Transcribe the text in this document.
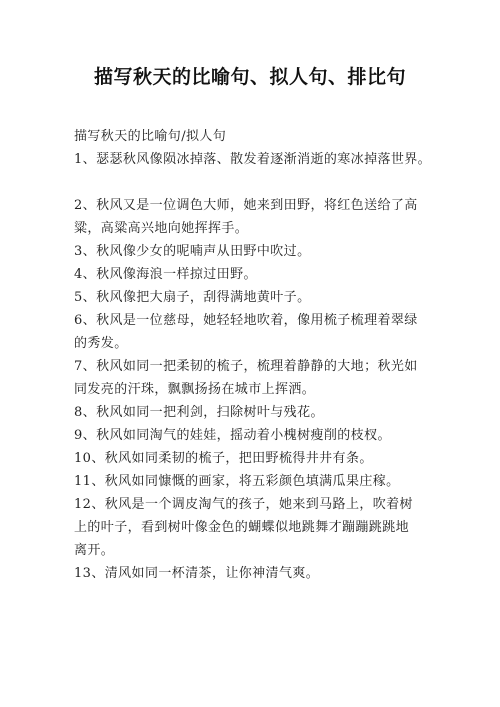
描写秋天的比喻句、拟人句、排比句

描写秋天的比喻句/拟人句

1、瑟瑟秋风像陨冰掉落、散发着逐渐消逝的寒冰掉落世界。

2、秋风又是一位调色大师，她来到田野，将红色送给了高

粱，高粱高兴地向她挥挥手。

3、秋风像少女的呢喃声从田野中吹过。

4、秋风像海浪一样掠过田野。

5、秋风像把大扇子，刮得满地黄叶子。

6、秋风是一位慈母，她轻轻地吹着，像用梳子梳理着翠绿

的秀发。

7、秋风如同一把柔韧的梳子，梳理着静静的大地；秋光如

同发亮的汗珠，飘飘扬扬在城市上挥洒。

8、秋风如同一把利剑，扫除树叶与残花。

9、秋风如同淘气的娃娃，摇动着小槐树瘦削的枝杈。

10、秋风如同柔韧的梳子，把田野梳得井井有条。

11、秋风如同慷慨的画家，将五彩颜色填满瓜果庄稼。

12、秋风是一个调皮淘气的孩子，她来到马路上，吹着树

上的叶子，看到树叶像金色的蝴蝶似地跳舞才蹦蹦跳跳地

离开。

13、清风如同一杯清茶，让你神清气爽。
